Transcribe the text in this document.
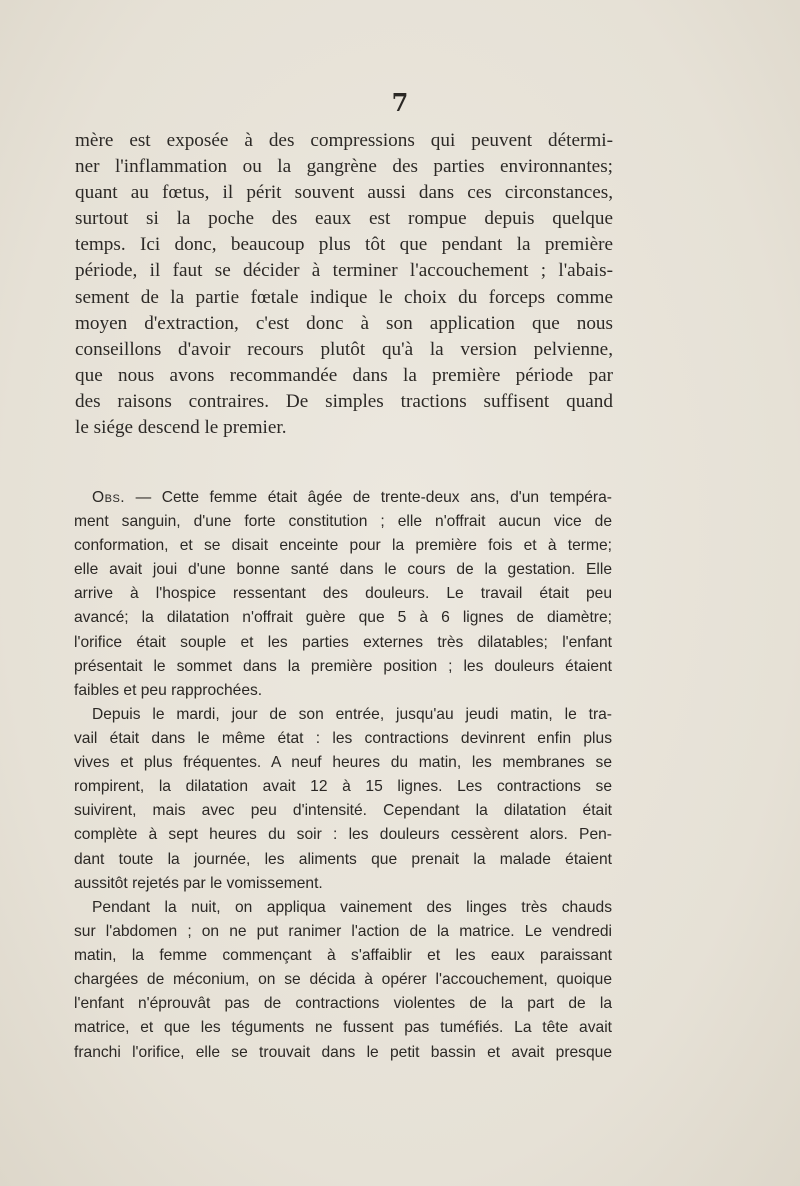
7
mère est exposée à des compressions qui peuvent détermi-
ner l'inflammation ou la gangrène des parties environnantes;
quant au fœtus, il périt souvent aussi dans ces circonstances,
surtout si la poche des eaux est rompue depuis quelque
temps. Ici donc, beaucoup plus tôt que pendant la première
période, il faut se décider à terminer l'accouchement ; l'abais-
sement de la partie fœtale indique le choix du forceps comme
moyen d'extraction, c'est donc à son application que nous
conseillons d'avoir recours plutôt qu'à la version pelvienne,
que nous avons recommandée dans la première période par
des raisons contraires. De simples tractions suffisent quand
le siége descend le premier.
Obs. — Cette femme était âgée de trente-deux ans, d'un tempéra-
ment sanguin, d'une forte constitution ; elle n'offrait aucun vice de
conformation, et se disait enceinte pour la première fois et à terme;
elle avait joui d'une bonne santé dans le cours de la gestation. Elle
arrive à l'hospice ressentant des douleurs. Le travail était peu
avancé; la dilatation n'offrait guère que 5 à 6 lignes de diamètre;
l'orifice était souple et les parties externes très dilatables; l'enfant
présentait le sommet dans la première position ; les douleurs étaient
faibles et peu rapprochées.
Depuis le mardi, jour de son entrée, jusqu'au jeudi matin, le tra-
vail était dans le même état : les contractions devinrent enfin plus
vives et plus fréquentes. A neuf heures du matin, les membranes se
rompirent, la dilatation avait 12 à 15 lignes. Les contractions se
suivirent, mais avec peu d'intensité. Cependant la dilatation était
complète à sept heures du soir : les douleurs cessèrent alors. Pen-
dant toute la journée, les aliments que prenait la malade étaient
aussitôt rejetés par le vomissement.
Pendant la nuit, on appliqua vainement des linges très chauds
sur l'abdomen ; on ne put ranimer l'action de la matrice. Le vendredi
matin, la femme commençant à s'affaiblir et les eaux paraissant
chargées de méconium, on se décida à opérer l'accouchement, quoique
l'enfant n'éprouvât pas de contractions violentes de la part de la
matrice, et que les téguments ne fussent pas tuméfiés. La tête avait
franchi l'orifice, elle se trouvait dans le petit bassin et avait presque
